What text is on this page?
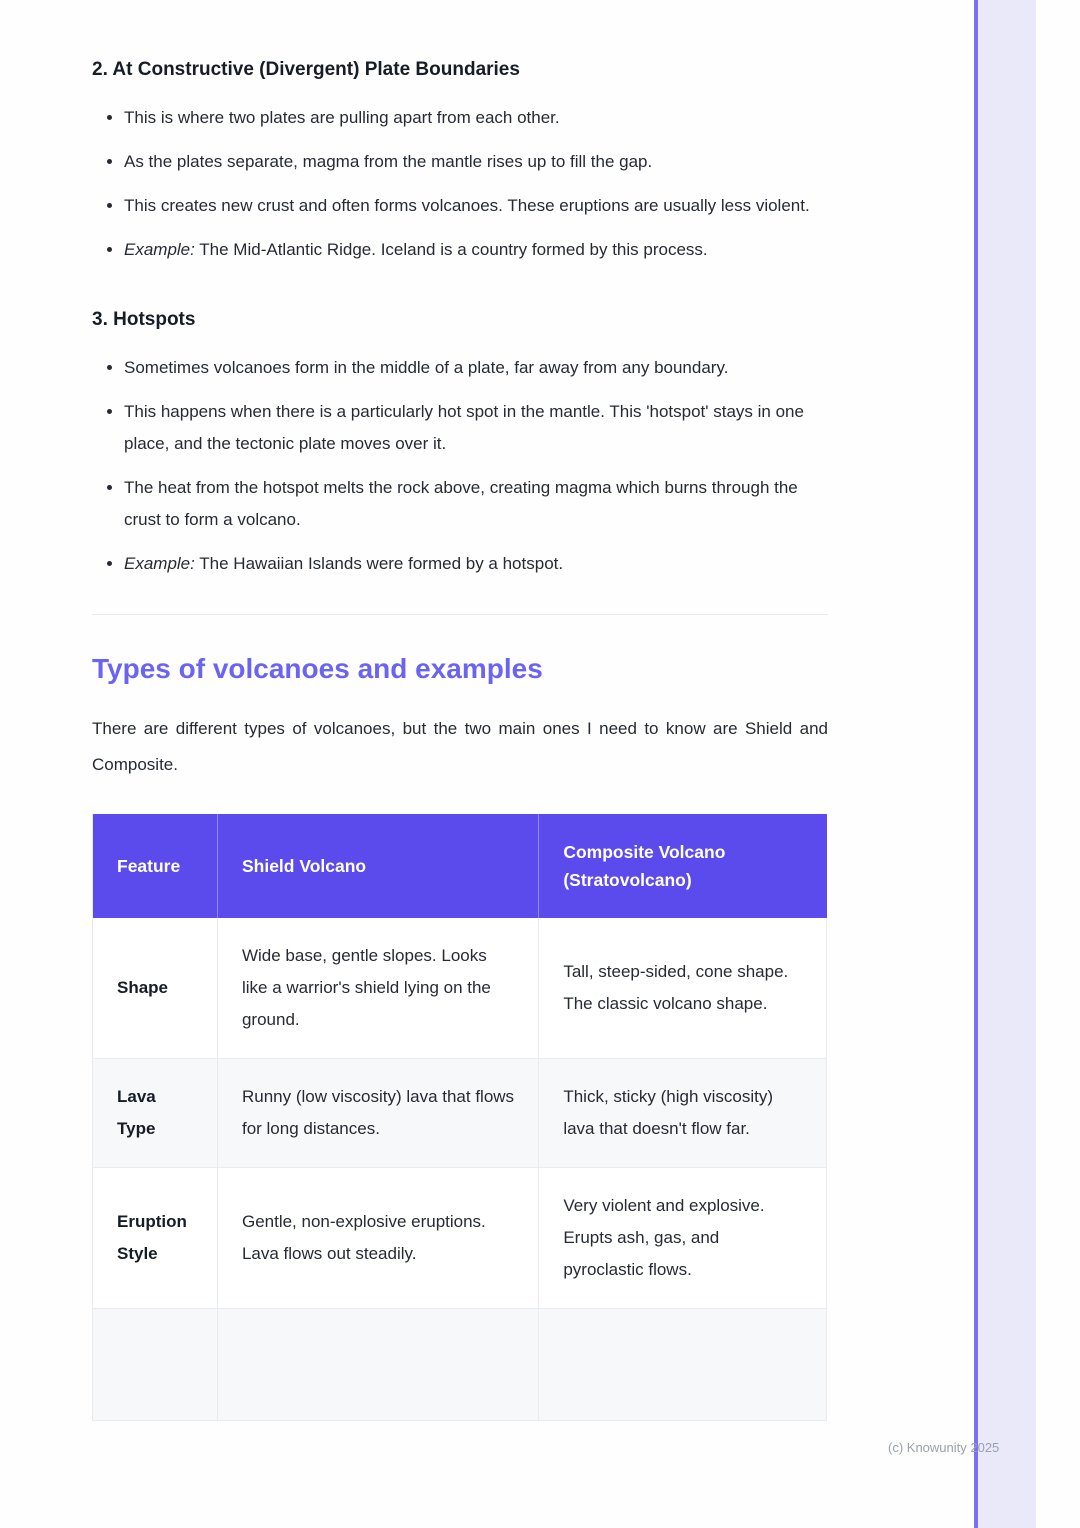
2. At Constructive (Divergent) Plate Boundaries
• This is where two plates are pulling apart from each other.
• As the plates separate, magma from the mantle rises up to fill the gap.
• This creates new crust and often forms volcanoes. These eruptions are usually less violent.
• Example: The Mid-Atlantic Ridge. Iceland is a country formed by this process.
3. Hotspots
• Sometimes volcanoes form in the middle of a plate, far away from any boundary.
• This happens when there is a particularly hot spot in the mantle. This 'hotspot' stays in one place, and the tectonic plate moves over it.
• The heat from the hotspot melts the rock above, creating magma which burns through the crust to form a volcano.
• Example: The Hawaiian Islands were formed by a hotspot.
Types of volcanoes and examples

There are different types of volcanoes, but the two main ones I need to know are Shield and Composite.

Feature	Shield Volcano	Composite Volcano (Stratovolcano)
Shape	Wide base, gentle slopes. Looks like a warrior's shield lying on the ground.	Tall, steep-sided, cone shape. The classic volcano shape.
Lava Type	Runny (low viscosity) lava that flows for long distances.	Thick, sticky (high viscosity) lava that doesn't flow far.
Eruption Style	Gentle, non-explosive eruptions. Lava flows out steadily.	Very violent and explosive. Erupts ash, gas, and pyroclastic flows.

(c) Knowunity 2025
